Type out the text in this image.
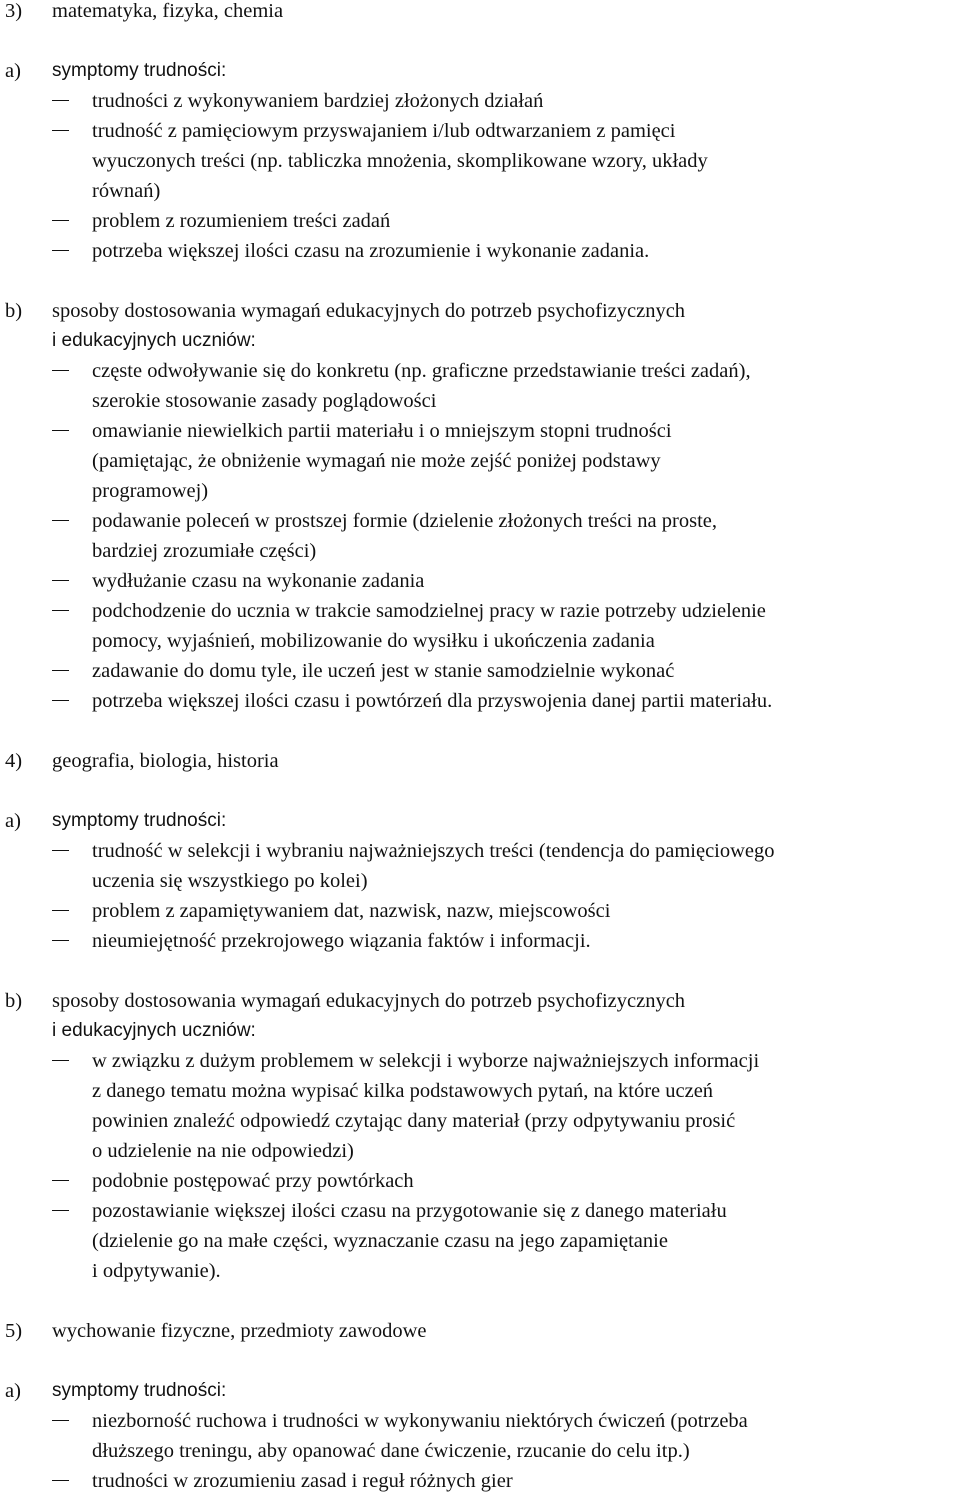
3) matematyka, fizyka, chemia
a) symptomy trudności:
trudności z wykonywaniem bardziej złożonych działań
trudność z pamięciowym przyswajaniem i/lub odtwarzaniem z pamięci
wyuczonych treści (np. tabliczka mnożenia, skomplikowane wzory, układy
równań)
problem z rozumieniem treści zadań
potrzeba większej ilości czasu na zrozumienie i wykonanie zadania.
b) sposoby dostosowania wymagań edukacyjnych do potrzeb psychofizycznych
i edukacyjnych uczniów:
częste odwoływanie się do konkretu (np. graficzne przedstawianie treści zadań),
szerokie stosowanie zasady poglądowości
omawianie niewielkich partii materiału i o mniejszym stopni trudności
(pamiętając, że obniżenie wymagań nie może zejść poniżej podstawy
programowej)
podawanie poleceń w prostszej formie (dzielenie złożonych treści na proste,
bardziej zrozumiałe części)
wydłużanie czasu na wykonanie zadania
podchodzenie do ucznia w trakcie samodzielnej pracy w razie potrzeby udzielenie
pomocy, wyjaśnień, mobilizowanie do wysiłku i ukończenia zadania
zadawanie do domu tyle, ile uczeń jest w stanie samodzielnie wykonać
potrzeba większej ilości czasu i powtórzeń dla przyswojenia danej partii materiału.
4) geografia, biologia, historia
a) symptomy trudności:
trudność w selekcji i wybraniu najważniejszych treści (tendencja do pamięciowego
uczenia się wszystkiego po kolei)
problem z zapamiętywaniem dat, nazwisk, nazw, miejscowości
nieumiejętność przekrojowego wiązania faktów i informacji.
b) sposoby dostosowania wymagań edukacyjnych do potrzeb psychofizycznych
i edukacyjnych uczniów:
w związku z dużym problemem w selekcji i wyborze najważniejszych informacji
z danego tematu można wypisać kilka podstawowych pytań, na które uczeń
powinien znaleźć odpowiedź czytając dany materiał (przy odpytywaniu prosić
o udzielenie na nie odpowiedzi)
podobnie postępować przy powtórkach
pozostawianie większej ilości czasu na przygotowanie się z danego materiału
(dzielenie go na małe części, wyznaczanie czasu na jego zapamiętanie
i odpytywanie).
5) wychowanie fizyczne, przedmioty zawodowe
a) symptomy trudności:
niezborność ruchowa i trudności w wykonywaniu niektórych ćwiczeń (potrzeba
dłuższego treningu, aby opanować dane ćwiczenie, rzucanie do celu itp.)
trudności w zrozumieniu zasad i reguł różnych gier
